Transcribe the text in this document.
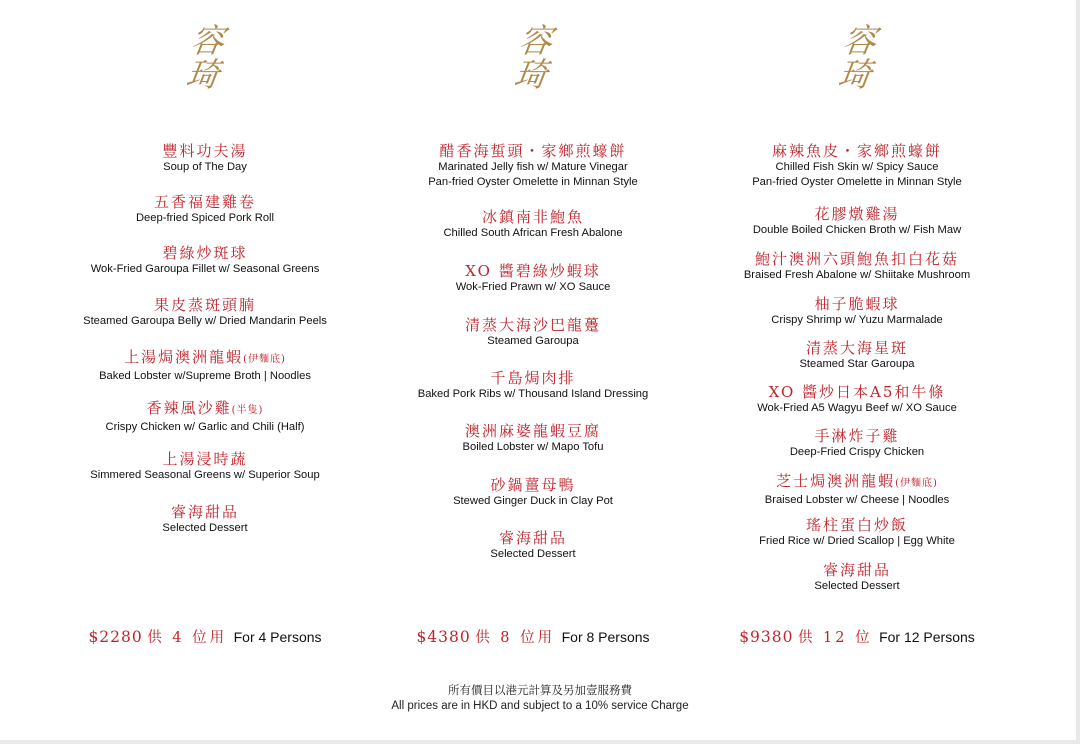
容
琦
豐料功夫湯
Soup of The Day
五香福建雞卷
Deep-fried Spiced Pork Roll
碧綠炒斑球
Wok-Fried Garoupa Fillet w/ Seasonal Greens
果皮蒸斑頭腩
Steamed Garoupa Belly w/ Dried Mandarin Peels
上湯焗澳洲龍蝦(伊麵底)
Baked Lobster w/Supreme Broth | Noodles
香辣風沙雞(半隻)
Crispy Chicken w/ Garlic and Chili (Half)
上湯浸時蔬
Simmered Seasonal Greens w/ Superior Soup
睿海甜品
Selected Dessert
$2280 供 4 位用 For 4 Persons
容
琦
醋香海蜇頭・家鄉煎蠔餅
Marinated Jelly fish w/ Mature Vinegar
Pan-fried Oyster Omelette in Minnan Style
冰鎮南非鮑魚
Chilled South African Fresh Abalone
XO 醬碧綠炒蝦球
Wok-Fried Prawn w/ XO Sauce
清蒸大海沙巴龍躉
Steamed Garoupa
千島焗肉排
Baked Pork Ribs w/ Thousand Island Dressing
澳洲麻婆龍蝦豆腐
Boiled Lobster w/ Mapo Tofu
砂鍋薑母鴨
Stewed Ginger Duck in Clay Pot
睿海甜品
Selected Dessert
$4380 供 8 位用 For 8 Persons
容
琦
麻辣魚皮・家鄉煎蠔餅
Chilled Fish Skin w/ Spicy Sauce
Pan-fried Oyster Omelette in Minnan Style
花膠燉雞湯
Double Boiled Chicken Broth w/ Fish Maw
鮑汁澳洲六頭鮑魚扣白花菇
Braised Fresh Abalone w/ Shiitake Mushroom
柚子脆蝦球
Crispy Shrimp w/ Yuzu Marmalade
清蒸大海星斑
Steamed Star Garoupa
XO 醬炒日本A5和牛條
Wok-Fried A5 Wagyu Beef w/ XO Sauce
手淋炸子雞
Deep-Fried Crispy Chicken
芝士焗澳洲龍蝦(伊麵底)
Braised Lobster w/ Cheese | Noodles
瑤柱蛋白炒飯
Fried Rice w/ Dried Scallop | Egg White
睿海甜品
Selected Dessert
$9380 供 12 位 For 12 Persons
所有價目以港元計算及另加壹服務費
All prices are in HKD and subject to a 10% service Charge
